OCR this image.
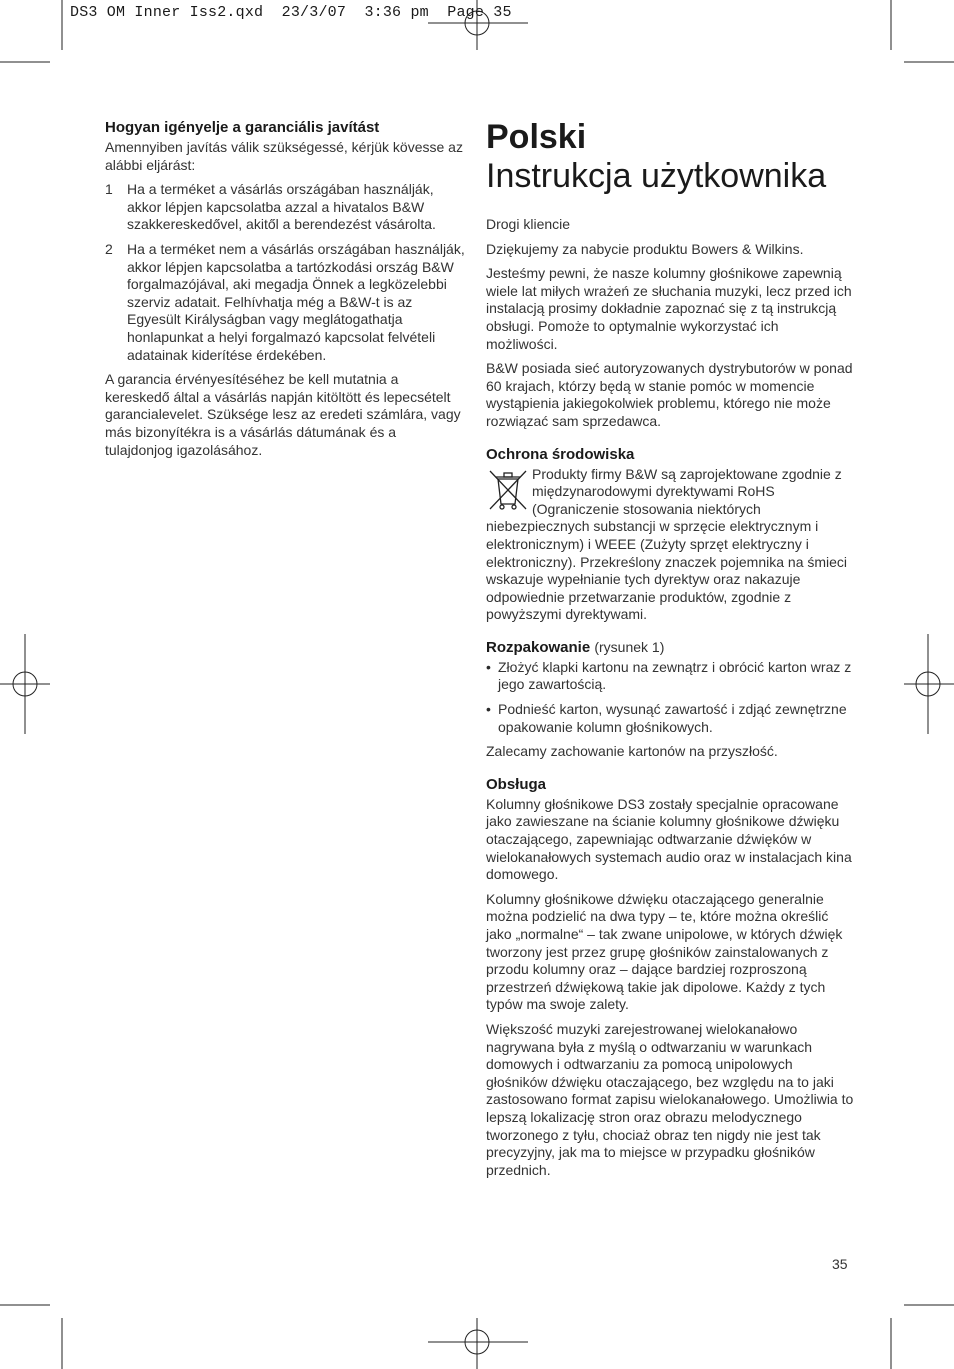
DS3 OM Inner Iss2.qxd  23/3/07  3:36 pm  Page 35
Hogyan igényelje a garanciális javítást

Amennyiben javítás válik szükségessé, kérjük kövesse az alábbi eljárást:

1	Ha a terméket a vásárlás országában használják, akkor lépjen kapcsolatba azzal a hivatalos B&W szakkereskedővel, akitől a berendezést vásárolta.
2	Ha a terméket nem a vásárlás országában használják, akkor lépjen kapcsolatba a tartózkodási ország B&W forgalmazójával, aki megadja Önnek a legközelebbi szerviz adatait. Felhívhatja még a B&W-t is az Egyesült Királyságban vagy meglátogathatja honlapunkat a helyi forgalmazó kapcsolat felvételi adatainak kiderítése érdekében.

A garancia érvényesítéséhez be kell mutatnia a kereskedő által a vásárlás napján kitöltött és lepecsételt garancialevelet. Szüksége lesz az eredeti számlára, vagy más bizonyítékra is a vásárlás dátumának és a tulajdonjog igazolásához.

Polski
Instrukcja użytkownika

Drogi kliencie

Dziękujemy za nabycie produktu Bowers & Wilkins.

Jesteśmy pewni, że nasze kolumny głośnikowe zapewnią wiele lat miłych wrażeń ze słuchania muzyki, lecz przed ich instalacją prosimy dokładnie zapoznać się z tą instrukcją obsługi. Pomoże to optymalnie wykorzystać ich możliwości.

B&W posiada sieć autoryzowanych dystrybutorów w ponad 60 krajach, którzy będą w stanie pomóc w momencie wystąpienia jakiegokolwiek problemu, którego nie może rozwiązać sam sprzedawca.

Ochrona środowiska

Produkty firmy B&W są zaprojektowane zgodnie z międzynarodowymi dyrektywami RoHS (Ograniczenie stosowania niektórych niebezpiecznych substancji w sprzęcie elektrycznym i elektronicznym) i WEEE (Zużyty sprzęt elektryczny i elektroniczny). Przekreślony znaczek pojemnika na śmieci wskazuje wypełnianie tych dyrektyw oraz nakazuje odpowiednie przetwarzanie produktów, zgodnie z powyższymi dyrektywami.

Rozpakowanie (rysunek 1)
• Złożyć klapki kartonu na zewnątrz i obrócić karton wraz z jego zawartością.
• Podnieść karton, wysunąć zawartość i zdjąć zewnętrzne opakowanie kolumn głośnikowych.

Zalecamy zachowanie kartonów na przyszłość.

Obsługa

Kolumny głośnikowe DS3 zostały specjalnie opracowane jako zawieszane na ścianie kolumny głośnikowe dźwięku otaczającego, zapewniając odtwarzanie dźwięków w wielokanałowych systemach audio oraz w instalacjach kina domowego.

Kolumny głośnikowe dźwięku otaczającego generalnie można podzielić na dwa typy – te, które można określić jako „normalne“ – tak zwane unipolowe, w których dźwięk tworzony jest przez grupę głośników zainstalowanych z przodu kolumny oraz – dające bardziej rozproszoną przestrzeń dźwiękową takie jak dipolowe. Każdy z tych typów ma swoje zalety.

Większość muzyki zarejestrowanej wielokanałowo nagrywana była z myślą o odtwarzaniu w warunkach domowych i odtwarzaniu za pomocą unipolowych głośników dźwięku otaczającego, bez względu na to jaki zastosowano format zapisu wielokanałowego. Umożliwia to lepszą lokalizację stron oraz obrazu melodycznego tworzonego z tyłu, chociaż obraz ten nigdy nie jest tak precyzyjny, jak ma to miejsce w przypadku głośników przednich.

35
